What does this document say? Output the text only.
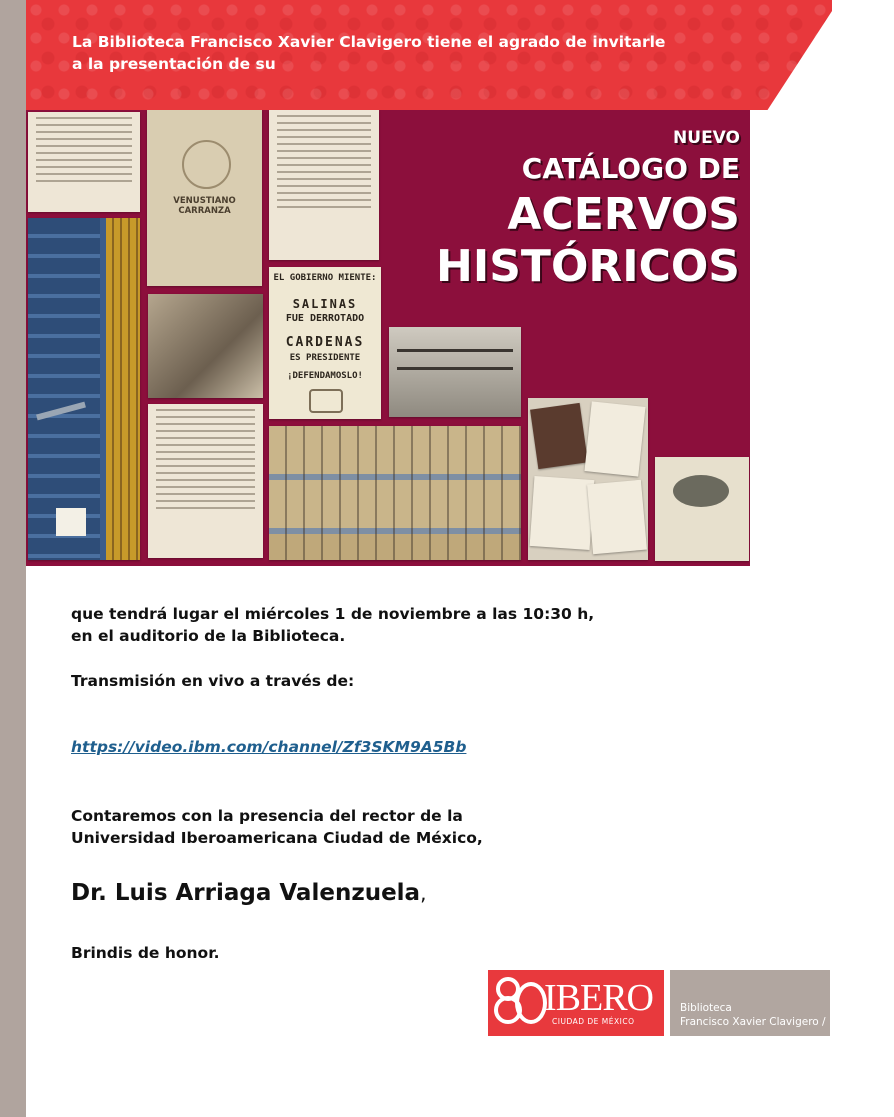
La Biblioteca Francisco Xavier Clavigero tiene el agrado de invitarle
a la presentación de su
VENUSTIANO CARRANZA
EL GOBIERNO MIENTE:
SALINAS
FUE DERROTADO
CARDENAS
ES PRESIDENTE
¡DEFENDAMOSLO!
NUEVO
CATÁLOGO DE
ACERVOS
HISTÓRICOS
que tendrá lugar el miércoles 1 de noviembre a las 10:30 h,
en el auditorio de la Biblioteca.
Transmisión en vivo a través de:
https://video.ibm.com/channel/Zf3SKM9A5Bb
Contaremos con la presencia del rector de la
Universidad Iberoamericana Ciudad de México,
Dr. Luis Arriaga Valenzuela,
Brindis de honor.
IBERO
CIUDAD DE MÉXICO
Biblioteca
Francisco Xavier Clavigero /
